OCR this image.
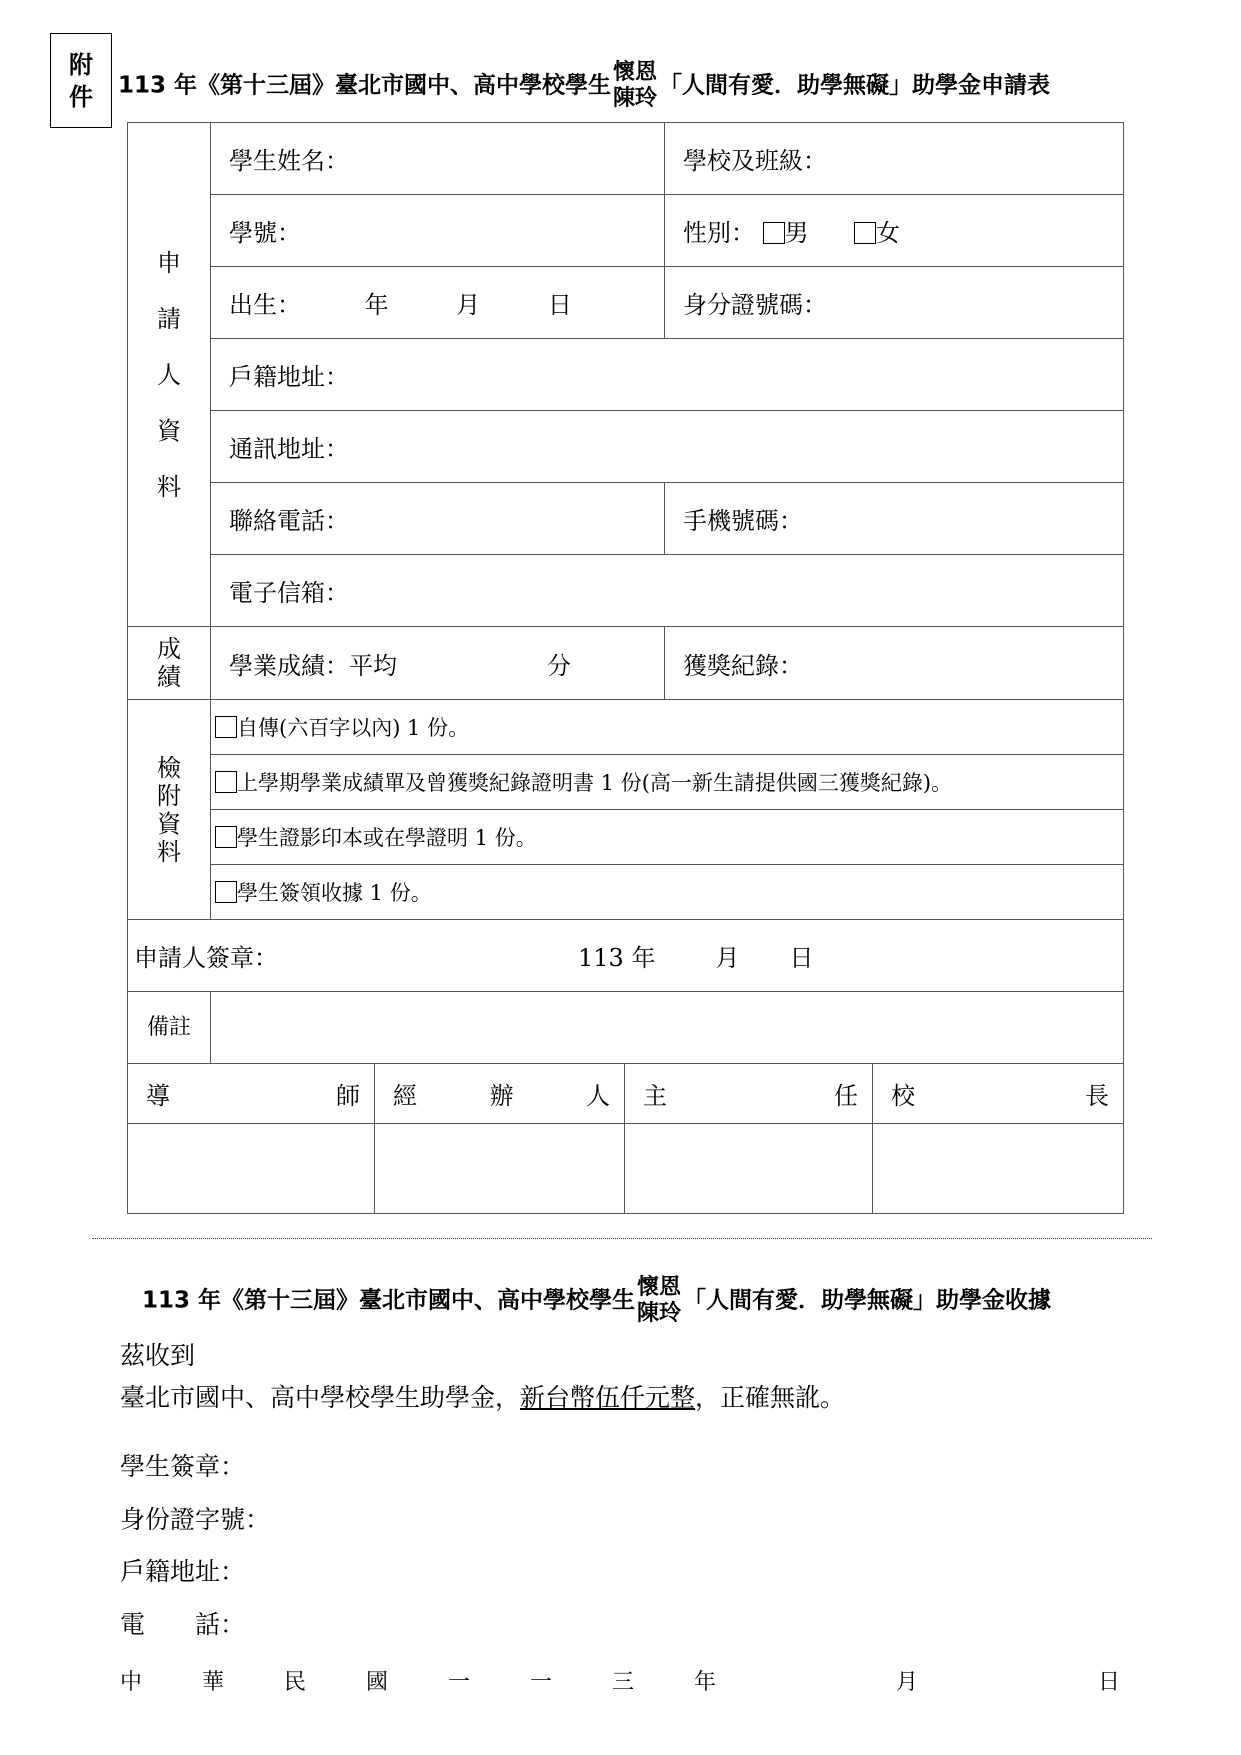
附
件 113 年《第十三屆》臺北市國中、高中學校學生 懷恩
陳玲 「人間有愛．助學無礙」助學金申請表
申
請
人
資
料	學生姓名：			學校及班級：	
	學號：			性別： 男 女	
	出生： 年 月 日			身分證號碼：	
	戶籍地址：				
	通訊地址：				
	聯絡電話：			手機號碼：	
	電子信箱：				

成
績	學業成績：平均 分			獲獎紀錄：	

檢
附
資
料	自傳(六百字以內) 1 份。				
	上學期學業成績單及曾獲獎紀錄證明書 1 份(高一新生請提供國三獲獎紀錄)。				
	學生證影印本或在學證明 1 份。				
	學生簽領收據 1 份。				
申請人簽章： 113 年 月 日					
備註					

導 師		經 辦 人	主 任		校 長

113 年《第十三屆》臺北市國中、高中學校學生 懷恩
陳玲 「人間有愛．助學無礙」助學金收據
茲收到
臺北市國中、高中學校學生助學金，新台幣伍仟元整，正確無訛。
學生簽章：
身份證字號：
戶籍地址：
電　　話：
中	華	民	國	一	一	三	年	月	日
